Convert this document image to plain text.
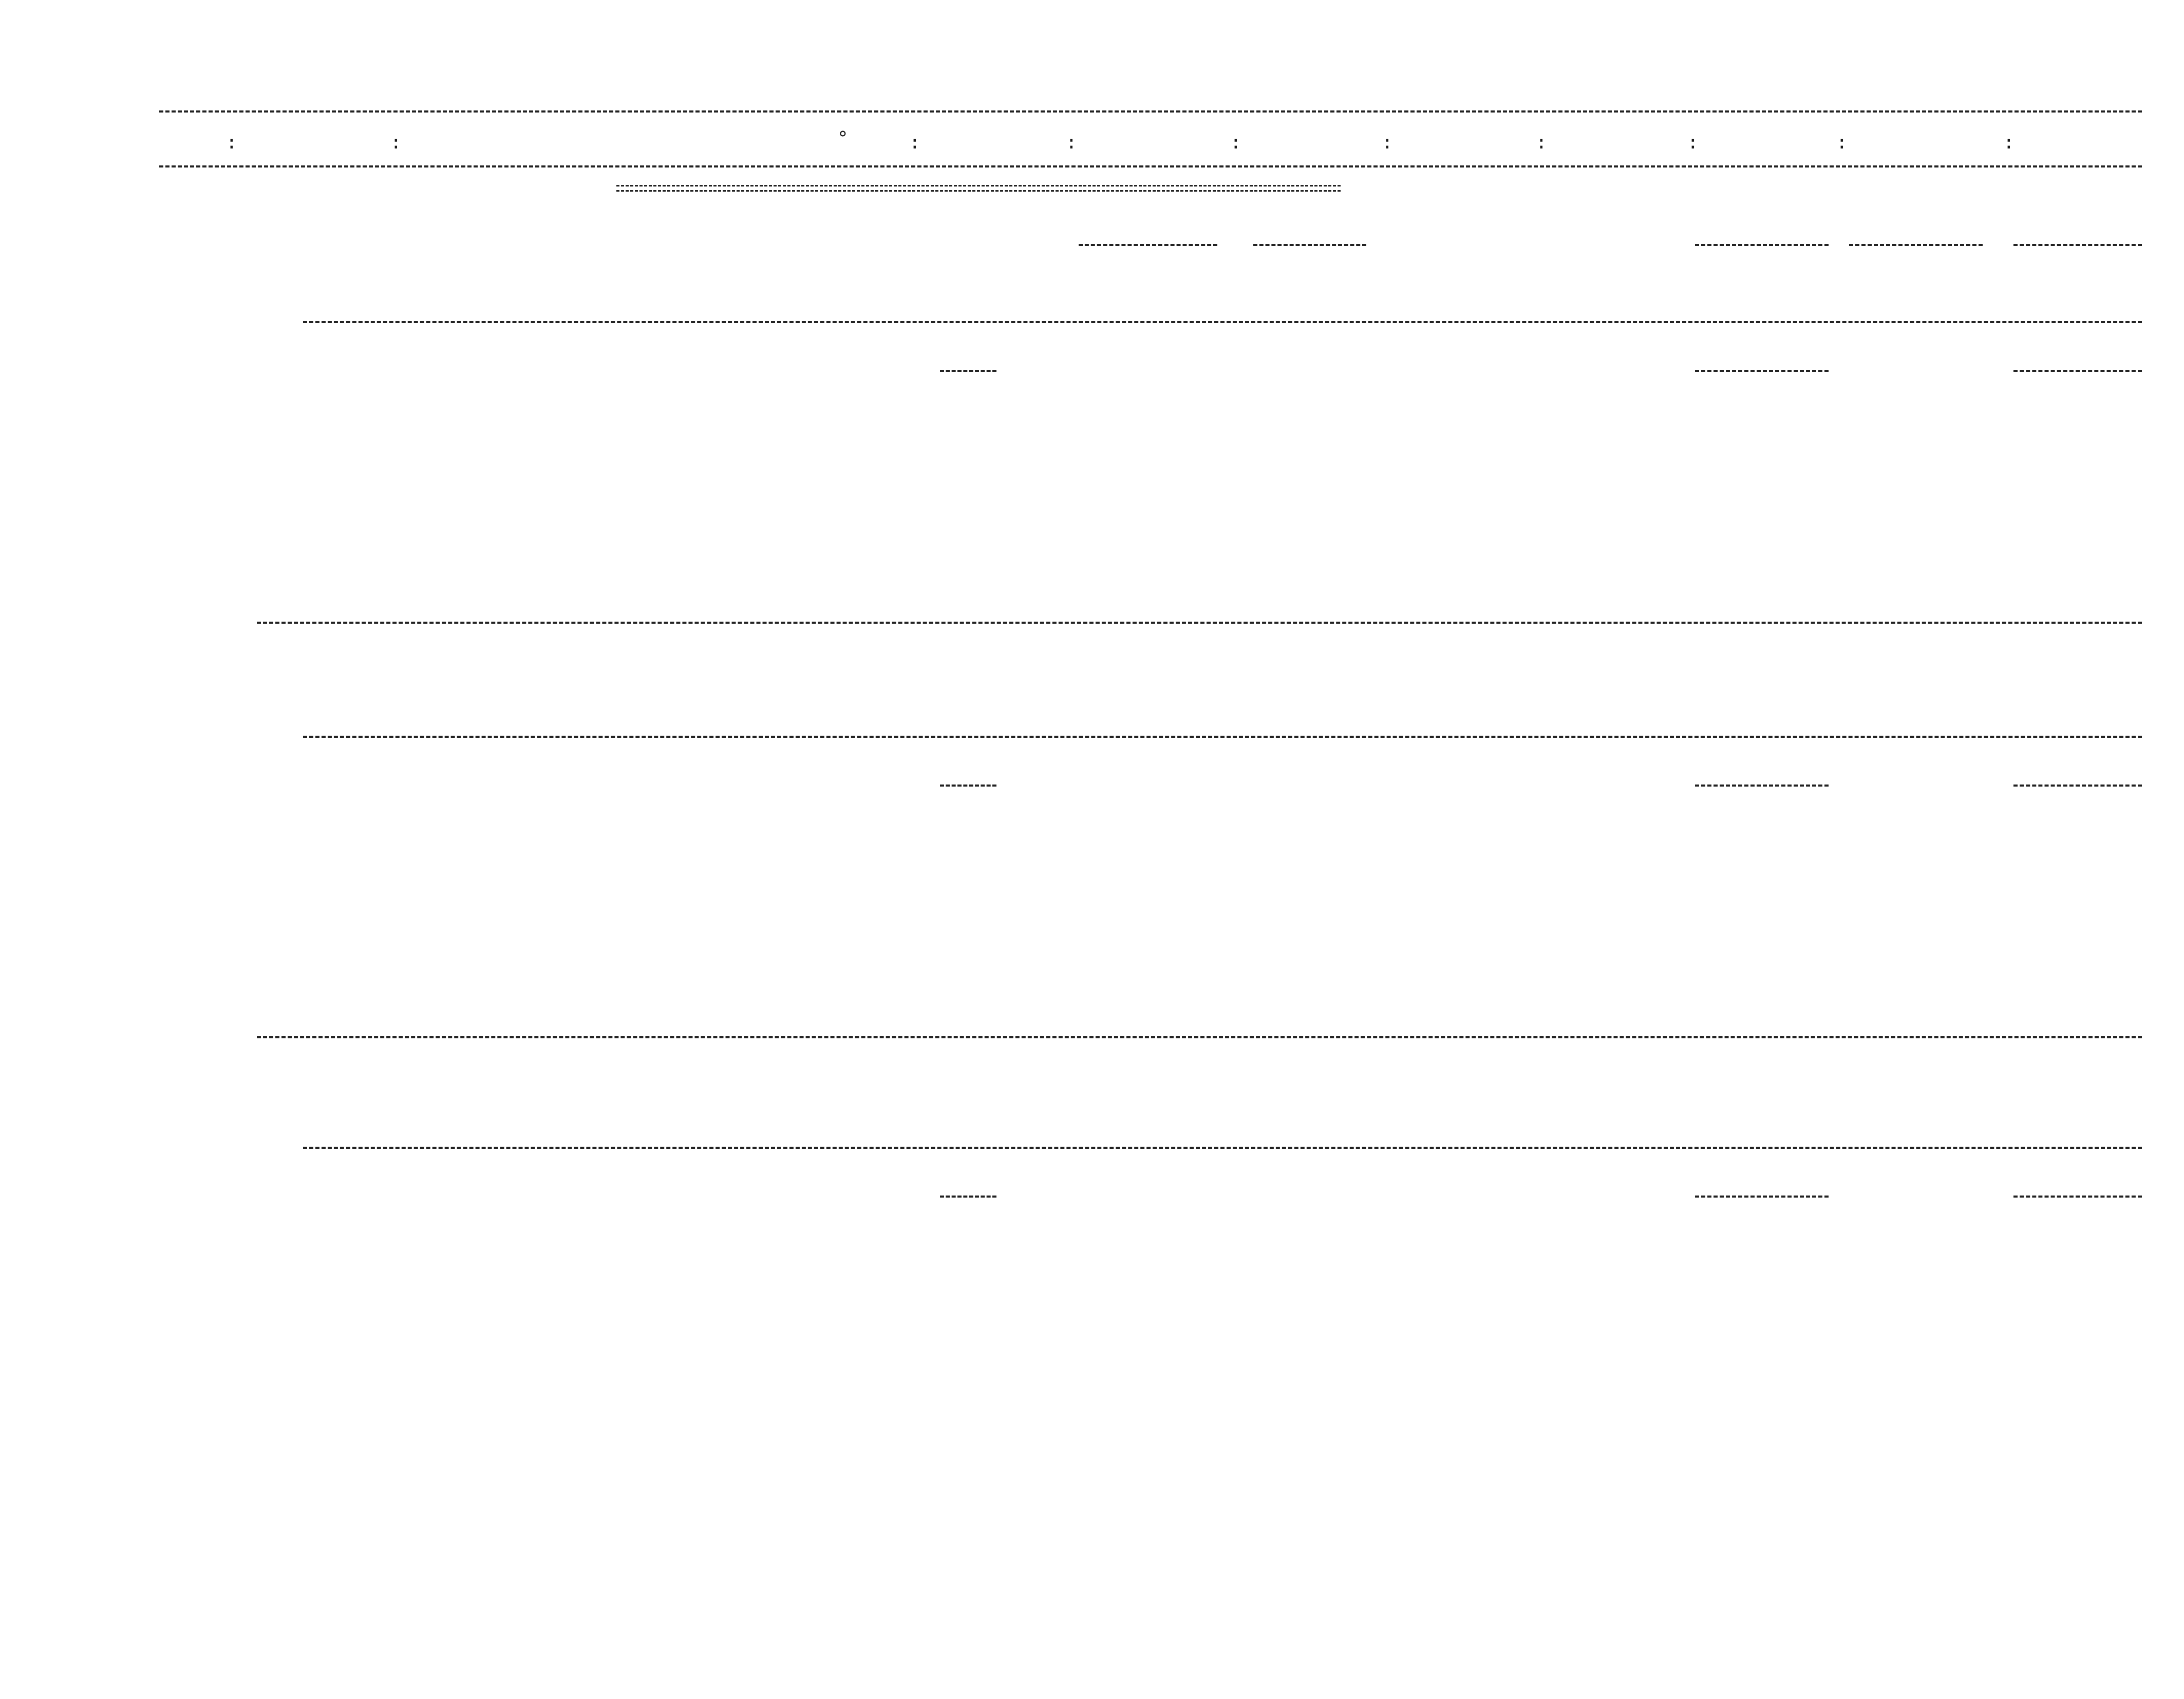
:	:	:	:	:	:	:	:	:	:
°
